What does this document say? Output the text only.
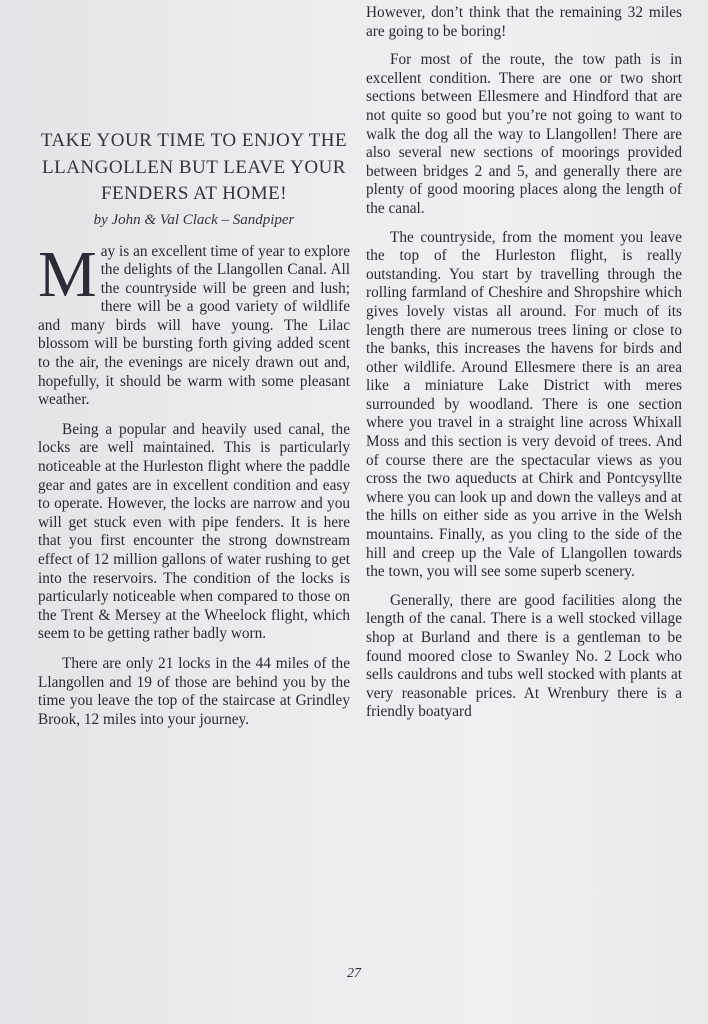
TAKE YOUR TIME TO ENJOY THE LLANGOLLEN BUT LEAVE YOUR FENDERS AT HOME!
by John & Val Clack – Sandpiper

May is an excellent time of year to explore the delights of the Llangollen Canal. All the countryside will be green and lush; there will be a good variety of wildlife and many birds will have young. The Lilac blossom will be bursting forth giving added scent to the air, the evenings are nicely drawn out and, hopefully, it should be warm with some pleasant weather.

Being a popular and heavily used canal, the locks are well maintained. This is particularly noticeable at the Hurleston flight where the paddle gear and gates are in excellent condition and easy to operate. However, the locks are narrow and you will get stuck even with pipe fenders. It is here that you first encounter the strong downstream effect of 12 million gallons of water rushing to get into the reservoirs. The condition of the locks is particularly noticeable when compared to those on the Trent & Mersey at the Wheelock flight, which seem to be getting rather badly worn.

There are only 21 locks in the 44 miles of the Llangollen and 19 of those are behind you by the time you leave the top of the staircase at Grindley Brook, 12 miles into your journey.

However, don’t think that the remaining 32 miles are going to be boring!

For most of the route, the tow path is in excellent condition. There are one or two short sections between Ellesmere and Hindford that are not quite so good but you’re not going to want to walk the dog all the way to Llangollen! There are also several new sections of moorings provided between bridges 2 and 5, and generally there are plenty of good mooring places along the length of the canal.

The countryside, from the moment you leave the top of the Hurleston flight, is really outstanding. You start by travelling through the rolling farmland of Cheshire and Shropshire which gives lovely vistas all around. For much of its length there are numerous trees lining or close to the banks, this increases the havens for birds and other wildlife. Around Ellesmere there is an area like a miniature Lake District with meres surrounded by woodland. There is one section where you travel in a straight line across Whixall Moss and this section is very devoid of trees. And of course there are the spectacular views as you cross the two aqueducts at Chirk and Pontcysyllte where you can look up and down the valleys and at the hills on either side as you arrive in the Welsh mountains. Finally, as you cling to the side of the hill and creep up the Vale of Llangollen towards the town, you will see some superb scenery.

Generally, there are good facilities along the length of the canal. There is a well stocked village shop at Burland and there is a gentleman to be found moored close to Swanley No. 2 Lock who sells cauldrons and tubs well stocked with plants at very reasonable prices. At Wrenbury there is a friendly boatyard

27
